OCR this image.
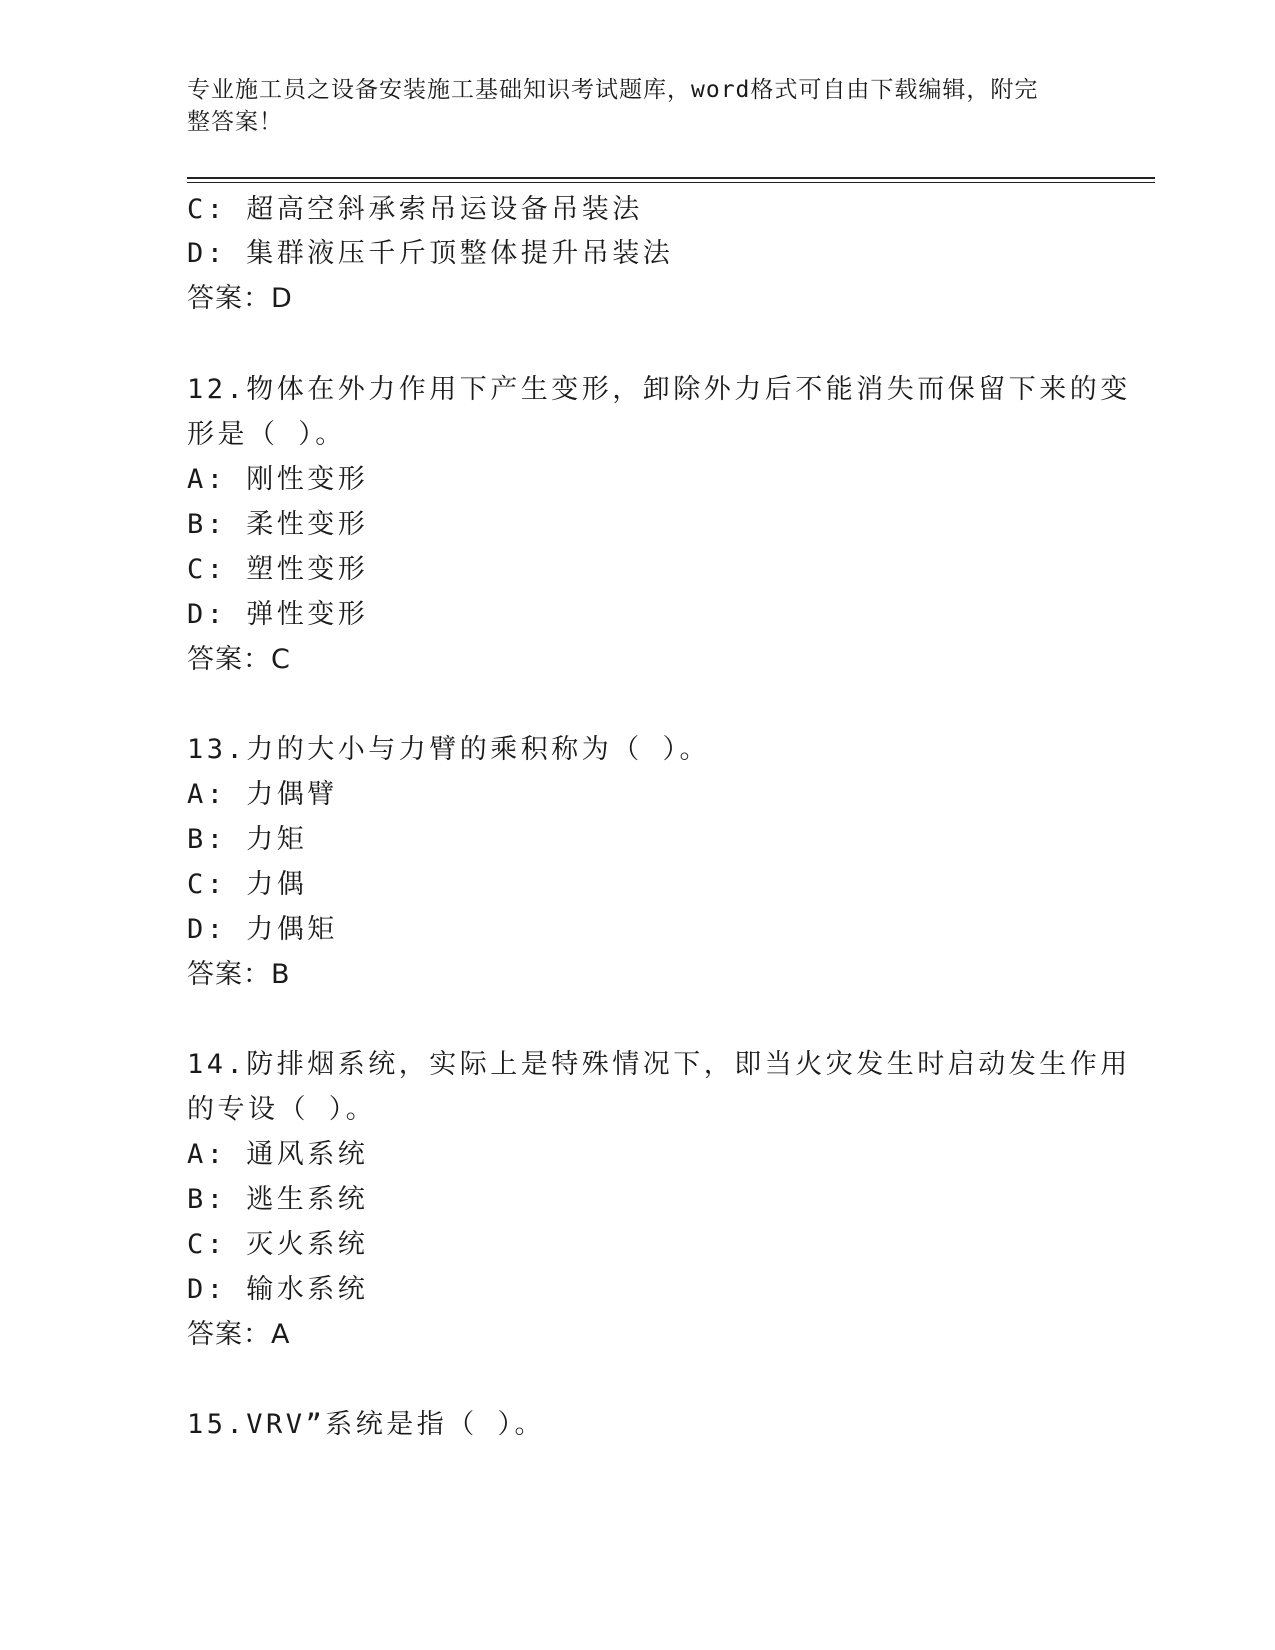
专业施工员之设备安装施工基础知识考试题库，word格式可自由下载编辑，附完
整答案！
C: 超高空斜承索吊运设备吊装法
D: 集群液压千斤顶整体提升吊装法
答案：D
12.物体在外力作用下产生变形，卸除外力后不能消失而保留下来的变
形是（ ）。
A: 刚性变形
B: 柔性变形
C: 塑性变形
D: 弹性变形
答案：C
13.力的大小与力臂的乘积称为（ ）。
A: 力偶臂
B: 力矩
C: 力偶
D: 力偶矩
答案：B
14.防排烟系统，实际上是特殊情况下，即当火灾发生时启动发生作用
的专设（ ）。
A: 通风系统
B: 逃生系统
C: 灭火系统
D: 输水系统
答案：A
15.VRV”系统是指（ ）。
